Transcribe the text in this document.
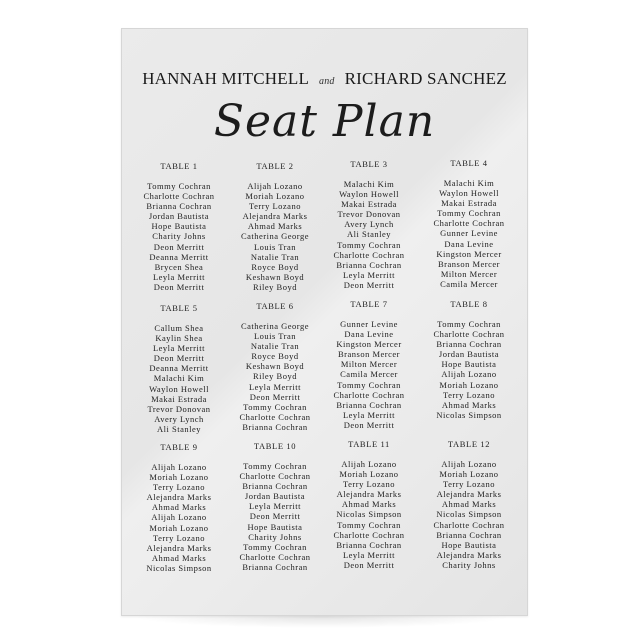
HANNAH MITCHELL and RICHARD SANCHEZ
Seat Plan
TABLE 1
Tommy Cochran
Charlotte Cochran
Brianna Cochran
Jordan Bautista
Hope Bautista
Charity Johns
Deon Merritt
Deanna Merritt
Brycen Shea
Leyla Merritt
Deon Merritt
TABLE 2
Alijah Lozano
Moriah Lozano
Terry Lozano
Alejandra Marks
Ahmad Marks
Catherina George
Louis Tran
Natalie Tran
Royce Boyd
Keshawn Boyd
Riley Boyd
TABLE 3
Malachi Kim
Waylon Howell
Makai Estrada
Trevor Donovan
Avery Lynch
Ali Stanley
Tommy Cochran
Charlotte Cochran
Brianna Cochran
Leyla Merritt
Deon Merritt
TABLE 4
Malachi Kim
Waylon Howell
Makai Estrada
Tommy Cochran
Charlotte Cochran
Gunner Levine
Dana Levine
Kingston Mercer
Branson Mercer
Milton Mercer
Camila Mercer
TABLE 5
Callum Shea
Kaylin Shea
Leyla Merritt
Deon Merritt
Deanna Merritt
Malachi Kim
Waylon Howell
Makai Estrada
Trevor Donovan
Avery Lynch
Ali Stanley
TABLE 6
Catherina George
Louis Tran
Natalie Tran
Royce Boyd
Keshawn Boyd
Riley Boyd
Leyla Merritt
Deon Merritt
Tommy Cochran
Charlotte Cochran
Brianna Cochran
TABLE 7
Gunner Levine
Dana Levine
Kingston Mercer
Branson Mercer
Milton Mercer
Camila Mercer
Tommy Cochran
Charlotte Cochran
Brianna Cochran
Leyla Merritt
Deon Merritt
TABLE 8
Tommy Cochran
Charlotte Cochran
Brianna Cochran
Jordan Bautista
Hope Bautista
Alijah Lozano
Moriah Lozano
Terry Lozano
Ahmad Marks
Nicolas Simpson
TABLE 9
Alijah Lozano
Moriah Lozano
Terry Lozano
Alejandra Marks
Ahmad Marks
Alijah Lozano
Moriah Lozano
Terry Lozano
Alejandra Marks
Ahmad Marks
Nicolas Simpson
TABLE 10
Tommy Cochran
Charlotte Cochran
Brianna Cochran
Jordan Bautista
Leyla Merritt
Deon Merritt
Hope Bautista
Charity Johns
Tommy Cochran
Charlotte Cochran
Brianna Cochran
TABLE 11
Alijah Lozano
Moriah Lozano
Terry Lozano
Alejandra Marks
Ahmad Marks
Nicolas Simpson
Tommy Cochran
Charlotte Cochran
Brianna Cochran
Leyla Merritt
Deon Merritt
TABLE 12
Alijah Lozano
Moriah Lozano
Terry Lozano
Alejandra Marks
Ahmad Marks
Nicolas Simpson
Charlotte Cochran
Brianna Cochran
Hope Bautista
Alejandra Marks
Charity Johns
